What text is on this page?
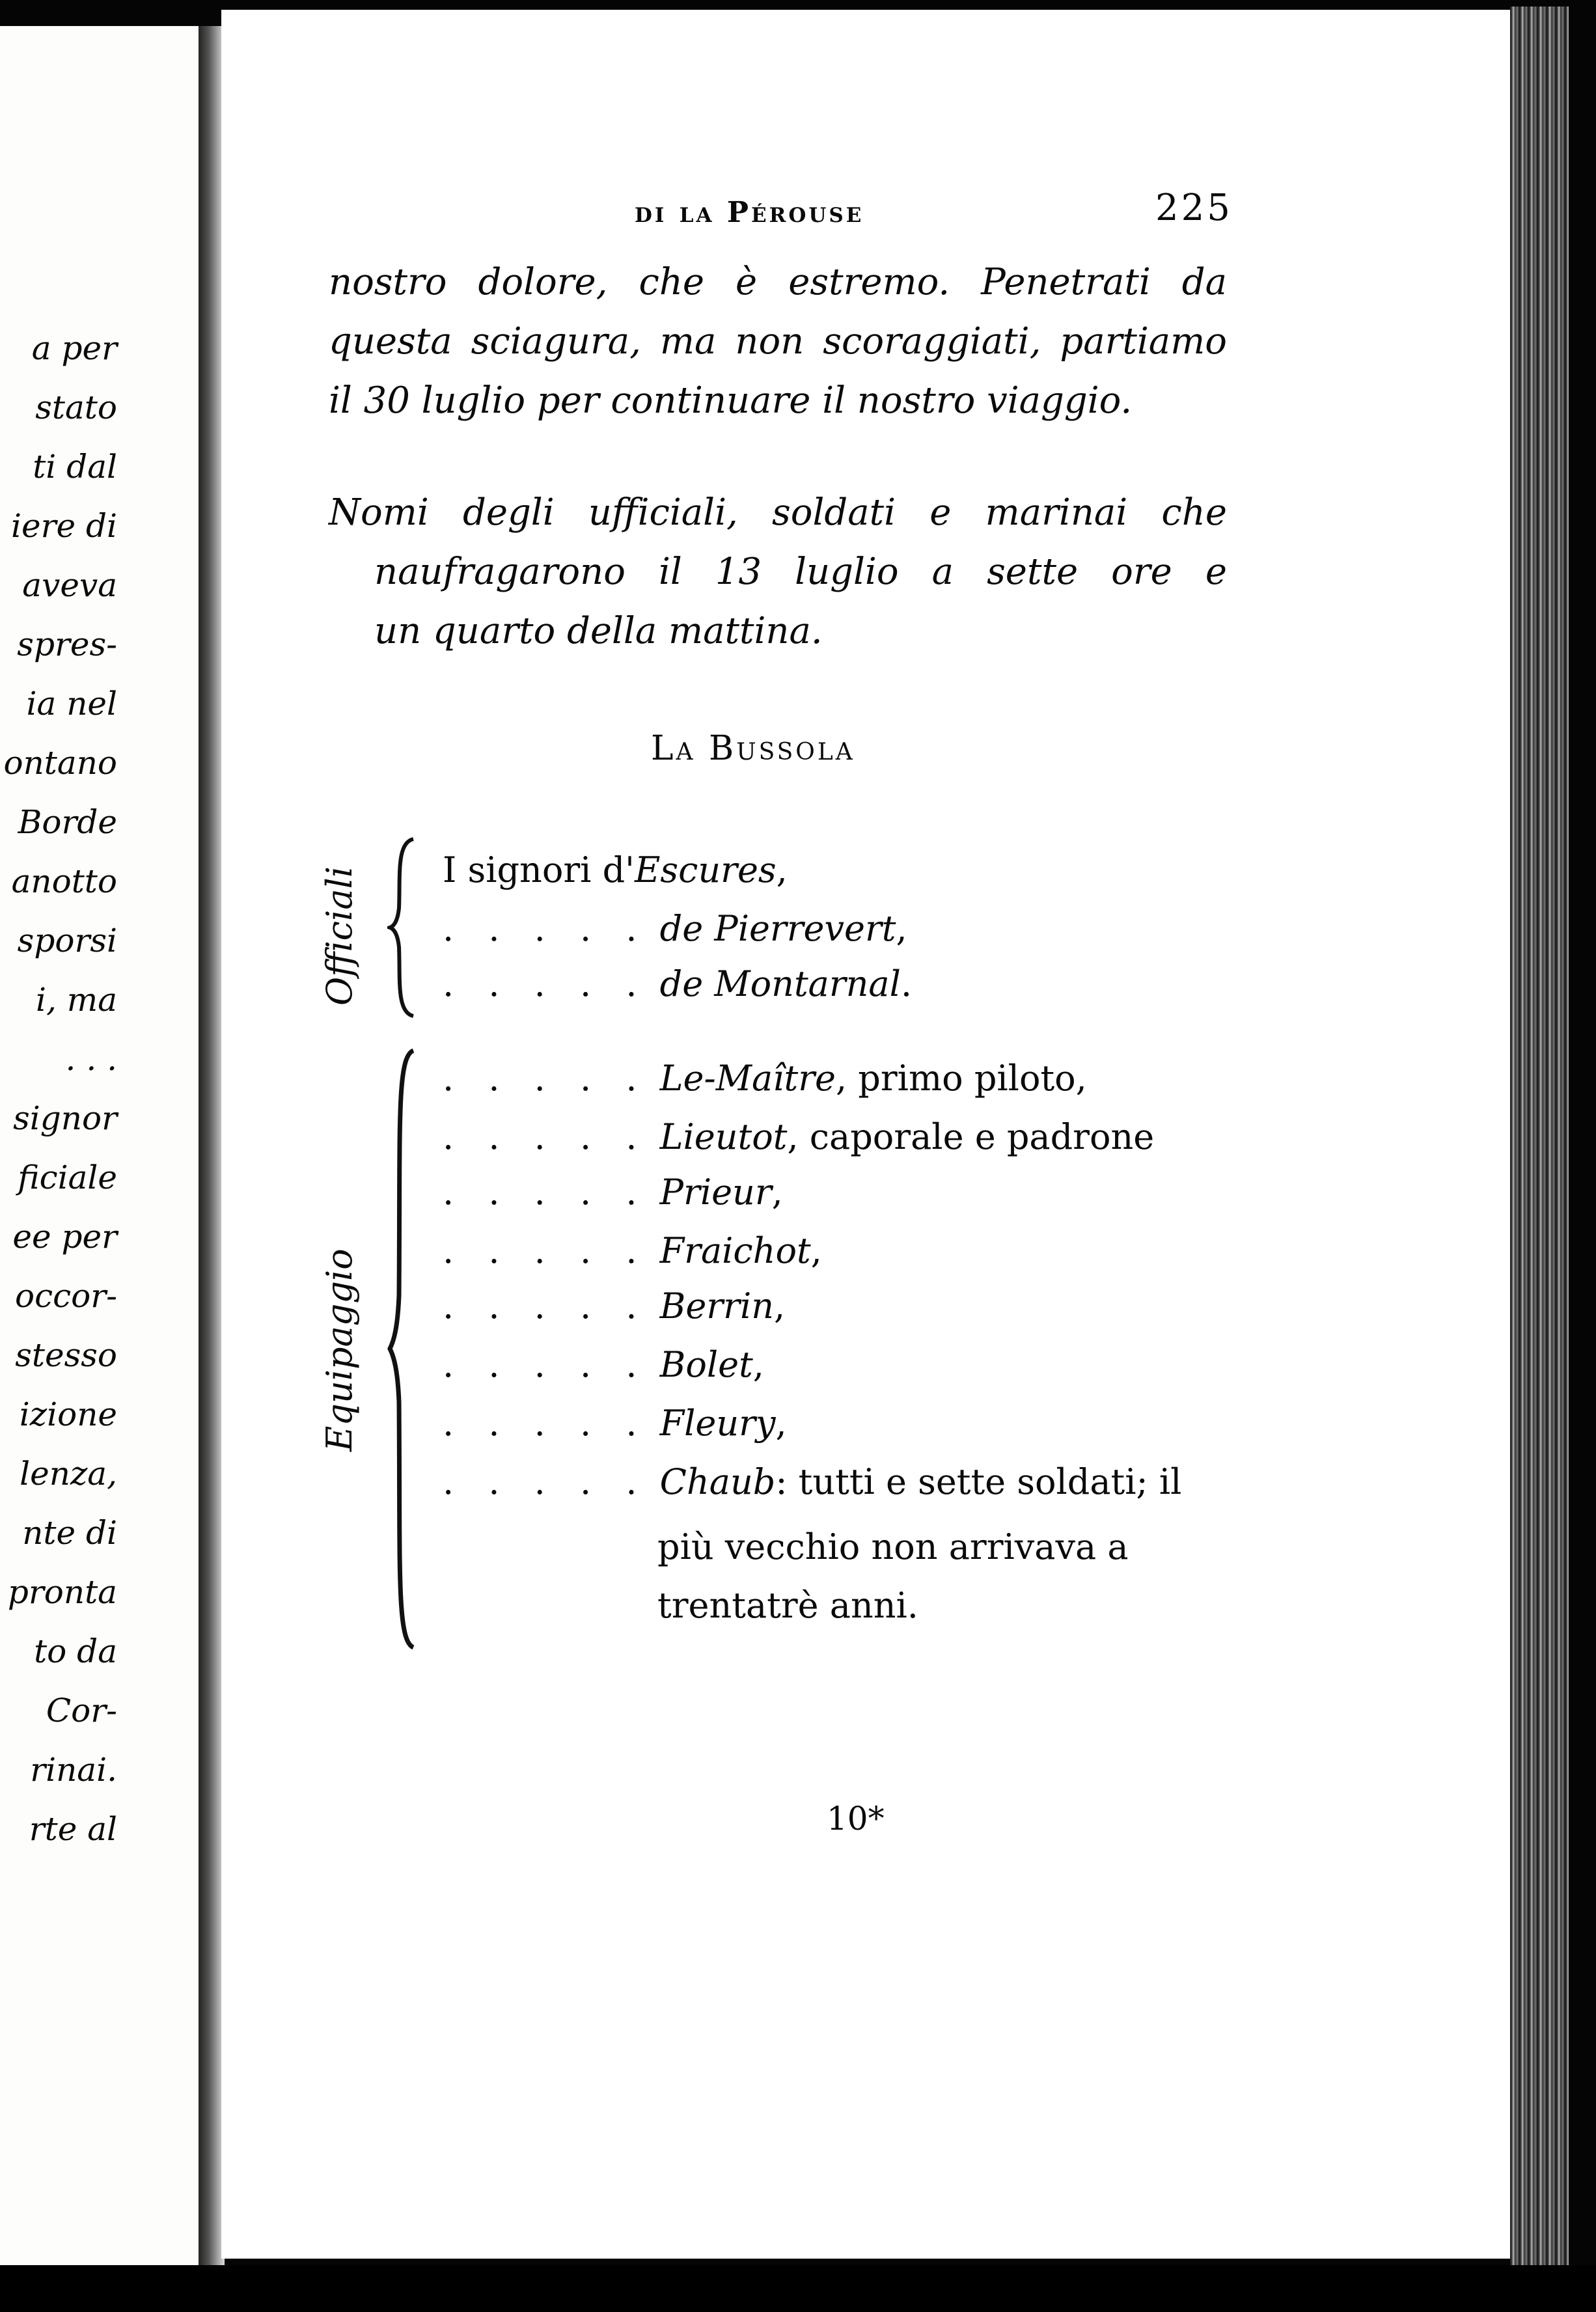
a per
stato
ti dal
iere di
aveva
spres-
ia nel
ontano
Borde
anotto
sporsi
i, ma
. . .
signor
ficiale
ee per
occor-
stesso
izione
lenza,
nte di
pronta
to da
Cor-
rinai.
rte al
di la Pérouse	225
nostro dolore, che è estremo. Penetrati da
questa sciagura, ma non scoraggiati, partiamo
il 30 luglio per continuare il nostro viaggio.
Nomi degli ufficiali, soldati e marinai che
naufragarono il 13 luglio a sette ore e
un quarto della mattina.
La Bussola
Officiali I signori d'Escures,
. . . . . de Pierrevert,
. . . . . de Montarnal.
Equipaggio
. . . . . Le-Maître, primo piloto,
. . . . . Lieutot, caporale e padrone
. . . . . Prieur,
. . . . . Fraichot,
. . . . . Berrin,
. . . . . Bolet,
. . . . . Fleury,
. . . . . Chaub: tutti e sette soldati; il
più vecchio non arrivava a
trentatrè anni.
10*
